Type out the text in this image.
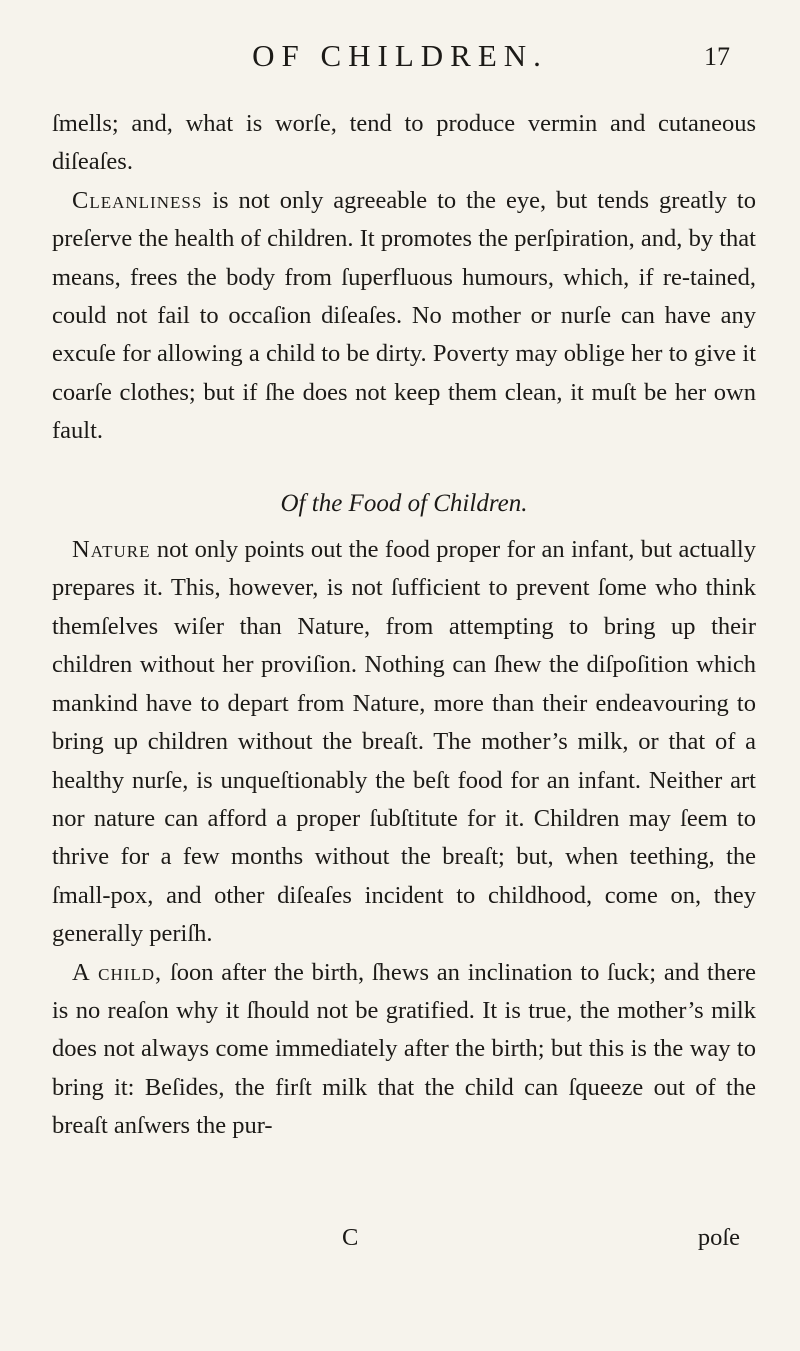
OF CHILDREN.	17

ſmells; and, what is worſe, tend to produce vermin and cutaneous diſeaſes.

Cleanliness is not only agreeable to the eye, but tends greatly to preſerve the health of children. It promotes the perſpiration, and, by that means, frees the body from ſuperfluous humours, which, if re-tained, could not fail to occaſion diſeaſes. No mother or nurſe can have any excuſe for allowing a child to be dirty. Poverty may oblige her to give it coarſe clothes; but if ſhe does not keep them clean, it muſt be her own fault.

Of the Food of Children.

Nature not only points out the food proper for an infant, but actually prepares it. This, however, is not ſufficient to prevent ſome who think themſelves wiſer than Nature, from attempting to bring up their children without her proviſion. Nothing can ſhew the diſpoſition which mankind have to depart from Nature, more than their endeavouring to bring up children without the breaſt. The mother’s milk, or that of a healthy nurſe, is unqueſtionably the beſt food for an infant. Neither art nor nature can afford a proper ſubſtitute for it. Children may ſeem to thrive for a few months without the breaſt; but, when teething, the ſmall-pox, and other diſeaſes incident to childhood, come on, they generally periſh.

A child, ſoon after the birth, ſhews an inclination to ſuck; and there is no reaſon why it ſhould not be gratified. It is true, the mother’s milk does not always come immediately after the birth; but this is the way to bring it: Beſides, the firſt milk that the child can ſqueeze out of the breaſt anſwers the pur-

C	poſe
